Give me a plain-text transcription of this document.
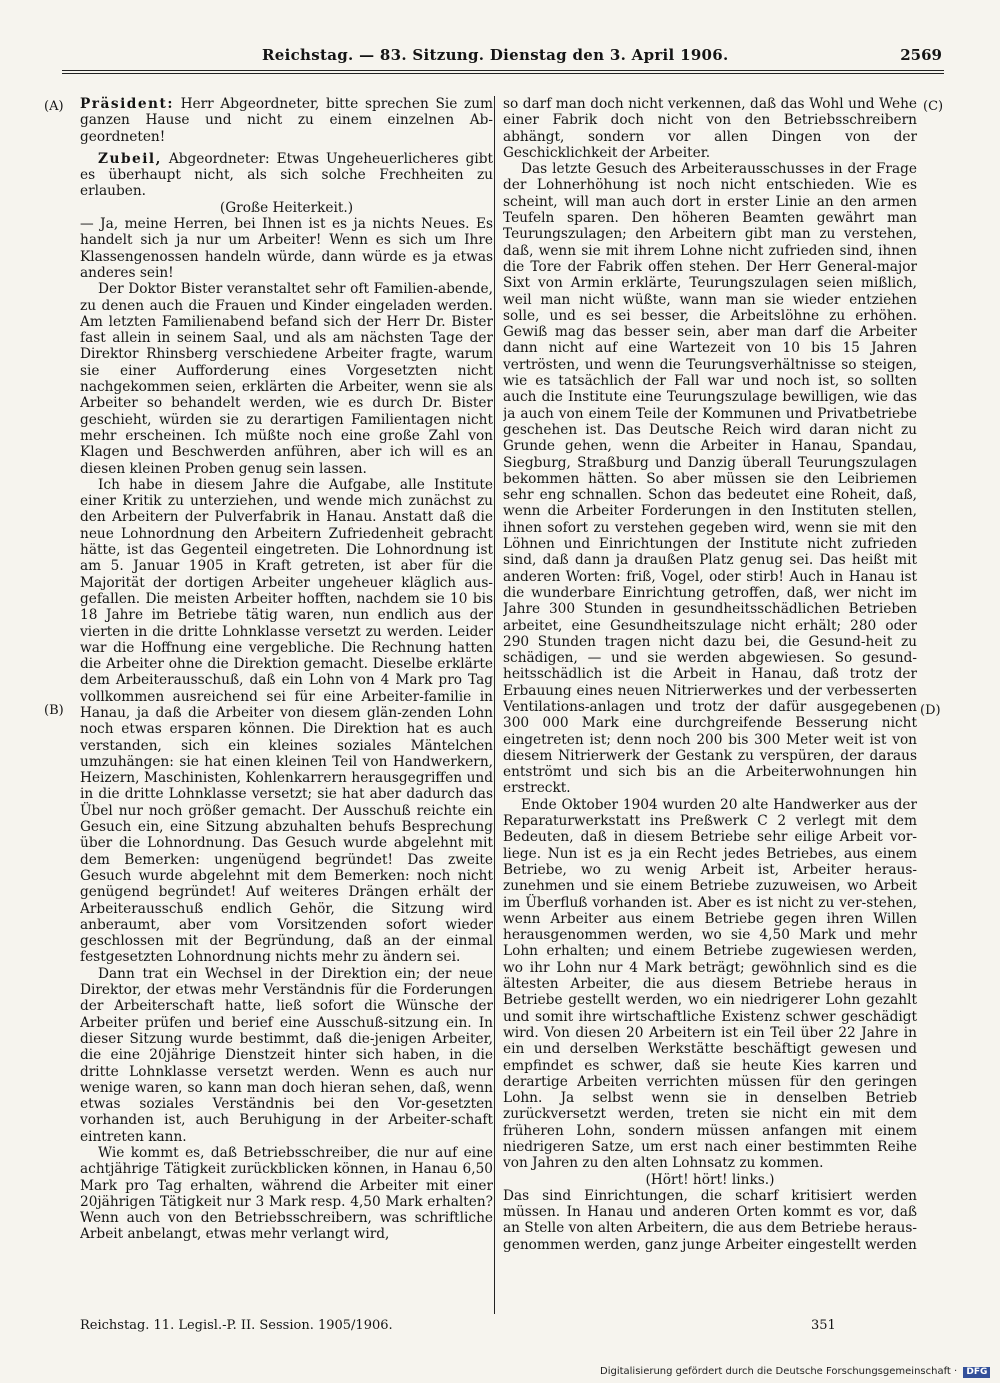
Reichstag. — 83. Sitzung. Dienstag den 3. April 1906.	2569
(A)
(B)
(C)
(D)

Präsident: Herr Abgeordneter, bitte sprechen Sie zum ganzen Hause und nicht zu einem einzelnen Ab-geordneten!

Zubeil, Abgeordneter: Etwas Ungeheuerlicheres gibt es überhaupt nicht, als sich solche Frechheiten zu erlauben.

(Große Heiterkeit.)

— Ja, meine Herren, bei Ihnen ist es ja nichts Neues. Es handelt sich ja nur um Arbeiter! Wenn es sich um Ihre Klassengenossen handeln würde, dann würde es ja etwas anderes sein!

Der Doktor Bister veranstaltet sehr oft Familien-abende, zu denen auch die Frauen und Kinder eingeladen werden. Am letzten Familienabend befand sich der Herr Dr. Bister fast allein in seinem Saal, und als am nächsten Tage der Direktor Rhinsberg verschiedene Arbeiter fragte, warum sie einer Aufforderung eines Vorgesetzten nicht nachgekommen seien, erklärten die Arbeiter, wenn sie als Arbeiter so behandelt werden, wie es durch Dr. Bister geschieht, würden sie zu derartigen Familientagen nicht mehr erscheinen. Ich müßte noch eine große Zahl von Klagen und Beschwerden anführen, aber ich will es an diesen kleinen Proben genug sein lassen.

Ich habe in diesem Jahre die Aufgabe, alle Institute einer Kritik zu unterziehen, und wende mich zunächst zu den Arbeitern der Pulverfabrik in Hanau. Anstatt daß die neue Lohnordnung den Arbeitern Zufriedenheit gebracht hätte, ist das Gegenteil eingetreten. Die Lohnordnung ist am 5. Januar 1905 in Kraft getreten, ist aber für die Majorität der dortigen Arbeiter ungeheuer kläglich aus-gefallen. Die meisten Arbeiter hofften, nachdem sie 10 bis 18 Jahre im Betriebe tätig waren, nun endlich aus der vierten in die dritte Lohnklasse versetzt zu werden. Leider war die Hoffnung eine vergebliche. Die Rechnung hatten die Arbeiter ohne die Direktion gemacht. Dieselbe erklärte dem Arbeiterausschuß, daß ein Lohn von 4 Mark pro Tag vollkommen ausreichend sei für eine Arbeiter-familie in Hanau, ja daß die Arbeiter von diesem glän-zenden Lohn noch etwas ersparen können. Die Direktion hat es auch verstanden, sich ein kleines soziales Mäntelchen umzuhängen: sie hat einen kleinen Teil von Handwerkern, Heizern, Maschinisten, Kohlenkarrern herausgegriffen und in die dritte Lohnklasse versetzt; sie hat aber dadurch das Übel nur noch größer gemacht. Der Ausschuß reichte ein Gesuch ein, eine Sitzung abzuhalten behufs Besprechung über die Lohnordnung. Das Gesuch wurde abgelehnt mit dem Bemerken: ungenügend begründet! Das zweite Gesuch wurde abgelehnt mit dem Bemerken: noch nicht genügend begründet! Auf weiteres Drängen erhält der Arbeiterausschuß endlich Gehör, die Sitzung wird anberaumt, aber vom Vorsitzenden sofort wieder geschlossen mit der Begründung, daß an der einmal festgesetzten Lohnordnung nichts mehr zu ändern sei.

Dann trat ein Wechsel in der Direktion ein; der neue Direktor, der etwas mehr Verständnis für die Forderungen der Arbeiterschaft hatte, ließ sofort die Wünsche der Arbeiter prüfen und berief eine Ausschuß-sitzung ein. In dieser Sitzung wurde bestimmt, daß die-jenigen Arbeiter, die eine 20jährige Dienstzeit hinter sich haben, in die dritte Lohnklasse versetzt werden. Wenn es auch nur wenige waren, so kann man doch hieran sehen, daß, wenn etwas soziales Verständnis bei den Vor-gesetzten vorhanden ist, auch Beruhigung in der Arbeiter-schaft eintreten kann.

Wie kommt es, daß Betriebsschreiber, die nur auf eine achtjährige Tätigkeit zurückblicken können, in Hanau 6,50 Mark pro Tag erhalten, während die Arbeiter mit einer 20jährigen Tätigkeit nur 3 Mark resp. 4,50 Mark erhalten? Wenn auch von den Betriebsschreibern, was schriftliche Arbeit anbelangt, etwas mehr verlangt wird,

so darf man doch nicht verkennen, daß das Wohl und Wehe einer Fabrik doch nicht von den Betriebsschreibern abhängt, sondern vor allen Dingen von der Geschicklichkeit der Arbeiter.

Das letzte Gesuch des Arbeiterausschusses in der Frage der Lohnerhöhung ist noch nicht entschieden. Wie es scheint, will man auch dort in erster Linie an den armen Teufeln sparen. Den höheren Beamten gewährt man Teurungszulagen; den Arbeitern gibt man zu verstehen, daß, wenn sie mit ihrem Lohne nicht zufrieden sind, ihnen die Tore der Fabrik offen stehen. Der Herr General-major Sixt von Armin erklärte, Teurungszulagen seien mißlich, weil man nicht wüßte, wann man sie wieder entziehen solle, und es sei besser, die Arbeitslöhne zu erhöhen. Gewiß mag das besser sein, aber man darf die Arbeiter dann nicht auf eine Wartezeit von 10 bis 15 Jahren vertrösten, und wenn die Teurungsverhältnisse so steigen, wie es tatsächlich der Fall war und noch ist, so sollten auch die Institute eine Teurungszulage bewilligen, wie das ja auch von einem Teile der Kommunen und Privatbetriebe geschehen ist. Das Deutsche Reich wird daran nicht zu Grunde gehen, wenn die Arbeiter in Hanau, Spandau, Siegburg, Straßburg und Danzig überall Teurungszulagen bekommen hätten. So aber müssen sie den Leibriemen sehr eng schnallen. Schon das bedeutet eine Roheit, daß, wenn die Arbeiter Forderungen in den Instituten stellen, ihnen sofort zu verstehen gegeben wird, wenn sie mit den Löhnen und Einrichtungen der Institute nicht zufrieden sind, daß dann ja draußen Platz genug sei. Das heißt mit anderen Worten: friß, Vogel, oder stirb! Auch in Hanau ist die wunderbare Einrichtung getroffen, daß, wer nicht im Jahre 300 Stunden in gesundheitsschädlichen Betrieben arbeitet, eine Gesundheitszulage nicht erhält; 280 oder 290 Stunden tragen nicht dazu bei, die Gesund-heit zu schädigen, — und sie werden abgewiesen. So gesund-heitsschädlich ist die Arbeit in Hanau, daß trotz der Erbauung eines neuen Nitrierwerkes und der verbesserten Ventilations-anlagen und trotz der dafür ausgegebenen 300 000 Mark eine durchgreifende Besserung nicht eingetreten ist; denn noch 200 bis 300 Meter weit ist von diesem Nitrierwerk der Gestank zu verspüren, der daraus entströmt und sich bis an die Arbeiterwohnungen hin erstreckt.

Ende Oktober 1904 wurden 20 alte Handwerker aus der Reparaturwerkstatt ins Preßwerk C 2 verlegt mit dem Bedeuten, daß in diesem Betriebe sehr eilige Arbeit vor-liege. Nun ist es ja ein Recht jedes Betriebes, aus einem Betriebe, wo zu wenig Arbeit ist, Arbeiter heraus-zunehmen und sie einem Betriebe zuzuweisen, wo Arbeit im Überfluß vorhanden ist. Aber es ist nicht zu ver-stehen, wenn Arbeiter aus einem Betriebe gegen ihren Willen herausgenommen werden, wo sie 4,50 Mark und mehr Lohn erhalten; und einem Betriebe zugewiesen werden, wo ihr Lohn nur 4 Mark beträgt; gewöhnlich sind es die ältesten Arbeiter, die aus diesem Betriebe heraus in Betriebe gestellt werden, wo ein niedrigerer Lohn gezahlt und somit ihre wirtschaftliche Existenz schwer geschädigt wird. Von diesen 20 Arbeitern ist ein Teil über 22 Jahre in ein und derselben Werkstätte beschäftigt gewesen und empfindet es schwer, daß sie heute Kies karren und derartige Arbeiten verrichten müssen für den geringen Lohn. Ja selbst wenn sie in denselben Betrieb zurückversetzt werden, treten sie nicht ein mit dem früheren Lohn, sondern müssen anfangen mit einem niedrigeren Satze, um erst nach einer bestimmten Reihe von Jahren zu den alten Lohnsatz zu kommen.

(Hört! hört! links.)

Das sind Einrichtungen, die scharf kritisiert werden müssen. In Hanau und anderen Orten kommt es vor, daß an Stelle von alten Arbeitern, die aus dem Betriebe heraus-genommen werden, ganz junge Arbeiter eingestellt werden

Reichstag. 11. Legisl.-P. II. Session. 1905/1906.	351
Digitalisierung gefördert durch die Deutsche Forschungsgemeinschaft · DFG
